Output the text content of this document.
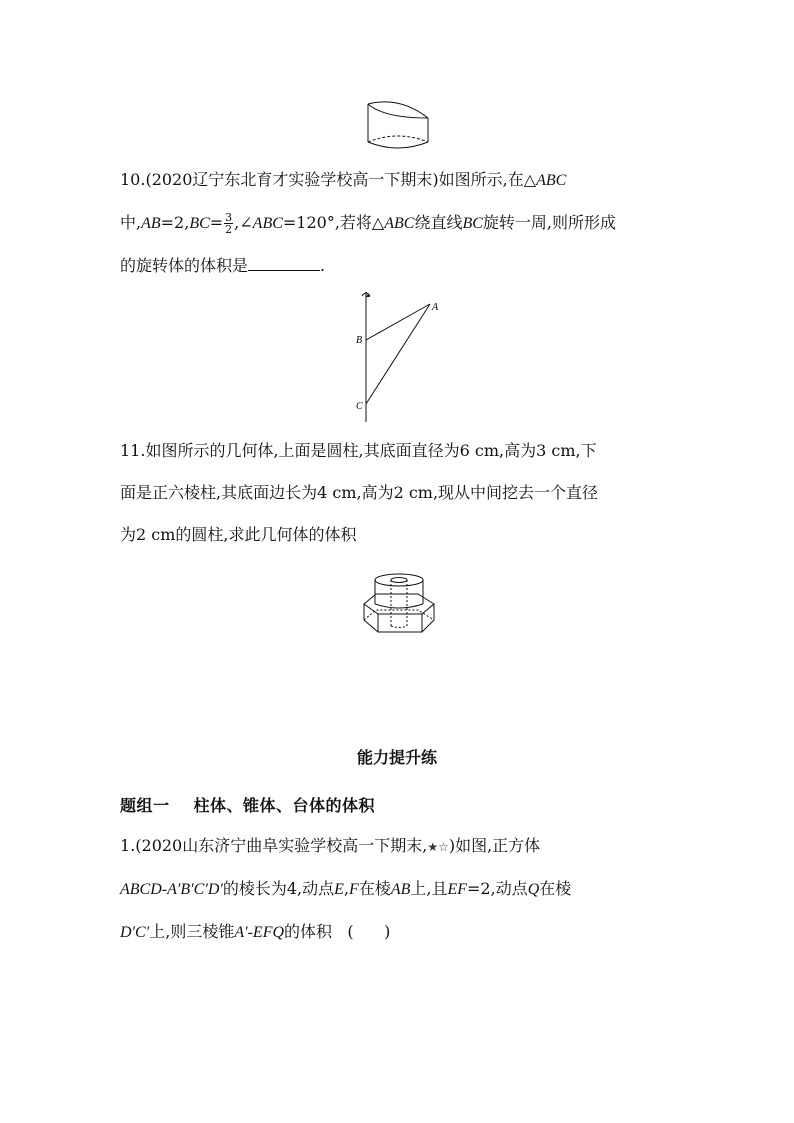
10.(2020辽宁东北育才实验学校高一下期末)如图所示,在△ABC
中$,AB=2,BC= \frac{3}{2}$ ,∠ABC=120°,若将△ABC绕直线BC旋转一周,则所形成
的旋转体的体积是	.
A
B
C
11.如图所示的几何体,上面是圆柱,其底面直径为6 cm,高为3 cm,下
面是正六棱柱,其底面边长为4 cm,高为2 cm,现从中间挖去一个直径
为2 cm的圆柱,求此几何体的体积
能力提升练
题组一 柱体、锥体、台体的体积
1.(2020山东济宁曲阜实验学校高一下期末,★☆)如图,正方体
ABCD-A′B′C′D′的棱长为4,动点E,F在棱AB上,且EF=2,动点Q在棱
D′C′上,则三棱锥A′-EFQ的体积 (      )
